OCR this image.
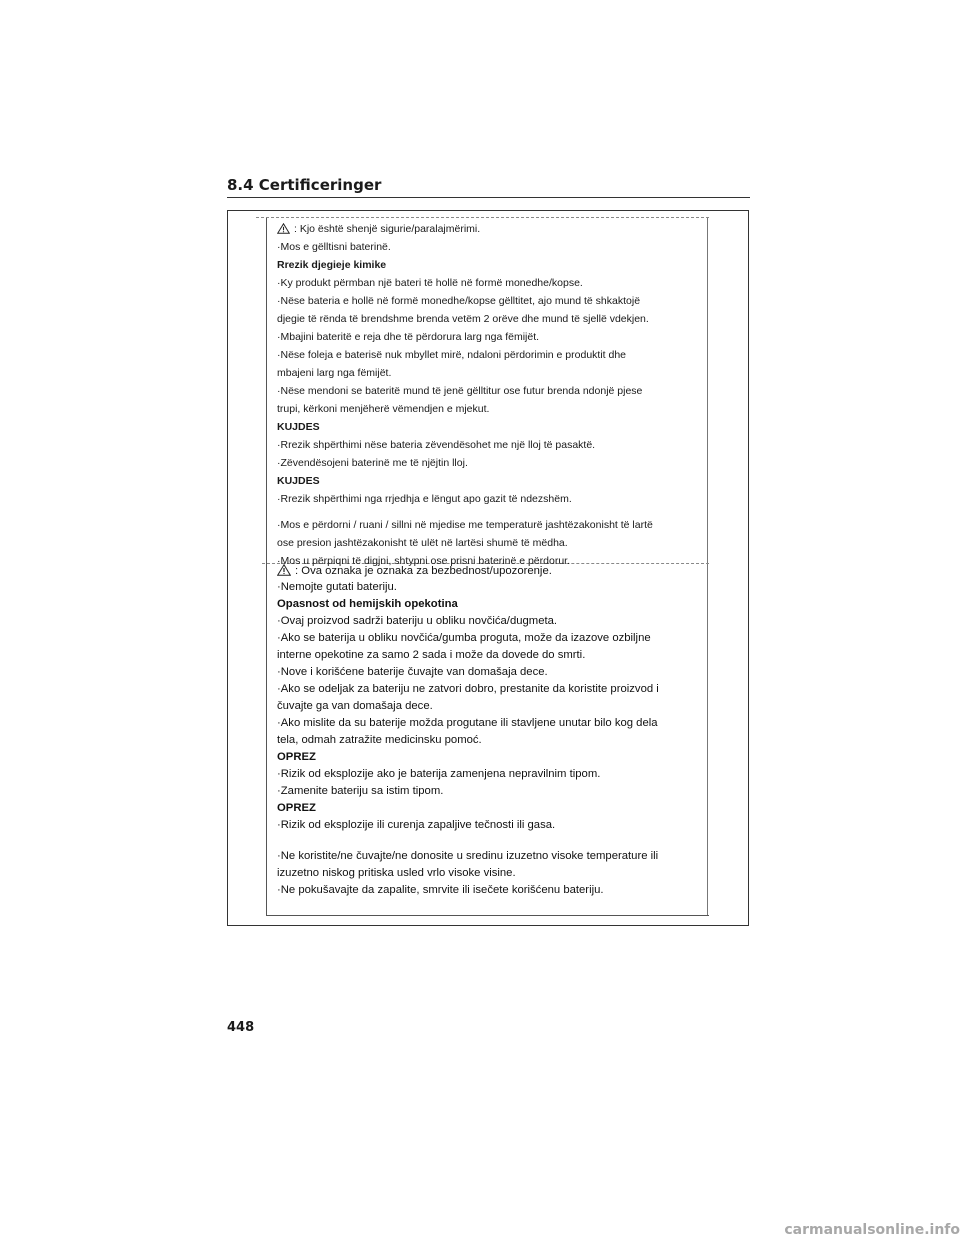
8.4 Certificeringer
: Kjo është shenjë sigurie/paralajmërimi.
·Mos e gëlltisni baterinë.
Rrezik djegieje kimike
·Ky produkt përmban një bateri të hollë në formë monedhe/kopse.
·Nëse bateria e hollë në formë monedhe/kopse gëlltitet, ajo mund të shkaktojë
djegie të rënda të brendshme brenda vetëm 2 orëve dhe mund të sjellë vdekjen.
·Mbajini bateritë e reja dhe të përdorura larg nga fëmijët.
·Nëse foleja e baterisë nuk mbyllet mirë, ndaloni përdorimin e produktit dhe
mbajeni larg nga fëmijët.
·Nëse mendoni se bateritë mund të jenë gëlltitur ose futur brenda ndonjë pjese
trupi, kërkoni menjëherë vëmendjen e mjekut.
KUJDES
·Rrezik shpërthimi nëse bateria zëvendësohet me një lloj të pasaktë.
·Zëvendësojeni baterinë me të njëjtin lloj.
KUJDES
·Rrezik shpërthimi nga rrjedhja e lëngut apo gazit të ndezshëm.
·Mos e përdorni / ruani / sillni në mjedise me temperaturë jashtëzakonisht të lartë
ose presion jashtëzakonisht të ulët në lartësi shumë të mëdha.
·Mos u përpiqni të digjni, shtypni ose prisni baterinë e përdorur.
: Ova oznaka je oznaka za bezbednost/upozorenje.
·Nemojte gutati bateriju.
Opasnost od hemijskih opekotina
·Ovaj proizvod sadrži bateriju u obliku novčića/dugmeta.
·Ako se baterija u obliku novčića/gumba proguta, može da izazove ozbiljne
interne opekotine za samo 2 sada i može da dovede do smrti.
·Nove i korišćene baterije čuvajte van domašaja dece.
·Ako se odeljak za bateriju ne zatvori dobro, prestanite da koristite proizvod i
čuvajte ga van domašaja dece.
·Ako mislite da su baterije možda progutane ili stavljene unutar bilo kog dela
tela, odmah zatražite medicinsku pomoć.
OPREZ
·Rizik od eksplozije ako je baterija zamenjena nepravilnim tipom.
·Zamenite bateriju sa istim tipom.
OPREZ
·Rizik od eksplozije ili curenja zapaljive tečnosti ili gasa.
·Ne koristite/ne čuvajte/ne donosite u sredinu izuzetno visoke temperature ili
izuzetno niskog pritiska usled vrlo visoke visine.
·Ne pokušavajte da zapalite, smrvite ili isečete korišćenu bateriju.
448
carmanualsonline.info
